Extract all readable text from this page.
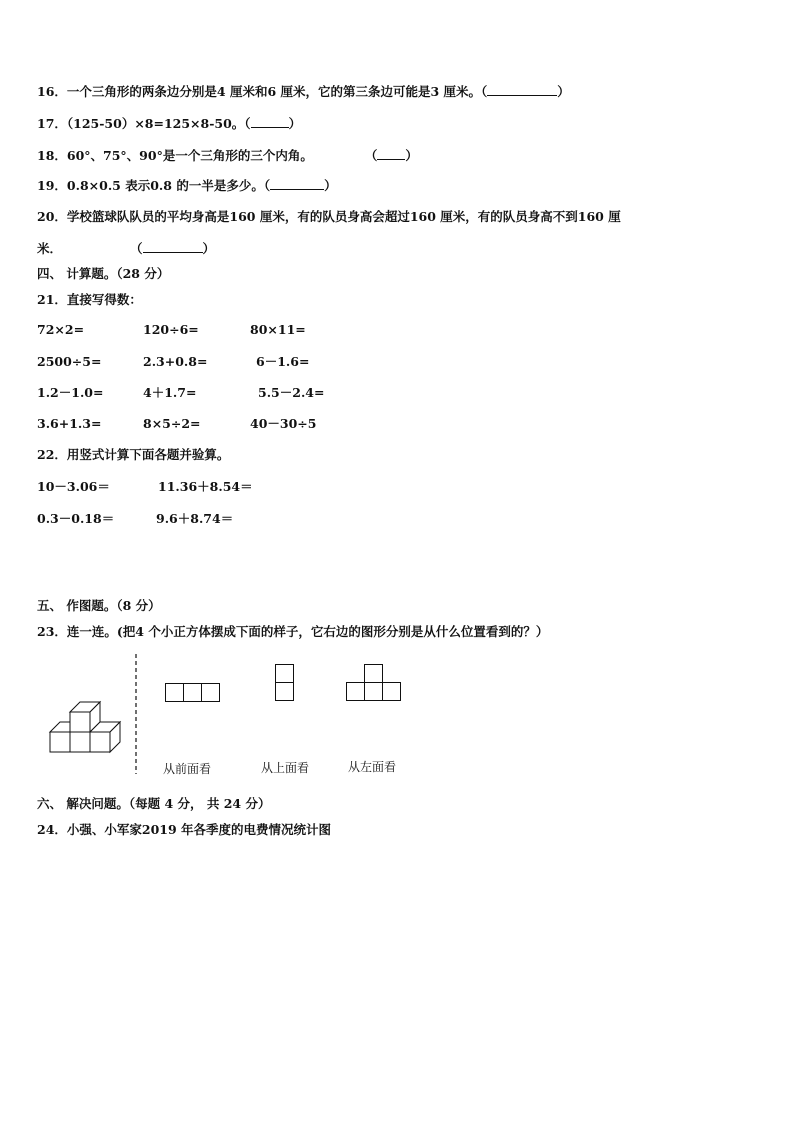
16．一个三角形的两条边分别是4 厘米和6 厘米，它的第三条边可能是3 厘米。（	）
17．（125-50）×8=125×8-50。（	）
18．60°、75°、90°是一个三角形的三个内角。	（ ）
19．0.8×0.5 表示0.8 的一半是多少。（	）
20．学校篮球队队员的平均身高是160 厘米，有的队员身高会超过160 厘米，有的队员身高不到160 厘
米．	（	）
四、 计算题。（28 分）
21．直接写得数：
72×2=	120÷6=	80×11=
2500÷5=	2.3+0.8=	6－1.6=
1.2－1.0=	4＋1.7=	5.5－2.4=
3.6+1.3=	8×5÷2=	40－30÷5
22．用竖式计算下面各题并验算。
10－3.06＝	11.36＋8.54＝
0.3－0.18＝	9.6＋8.74＝
五、 作图题。（8 分）
23．连一连。(把4 个小正方体摆成下面的样子，它右边的图形分别是从什么位置看到的？）
从前面看	从上面看	从左面看
六、 解决问题。（每题 4 分， 共 24 分）
24．小强、小军家2019 年各季度的电费情况统计图
